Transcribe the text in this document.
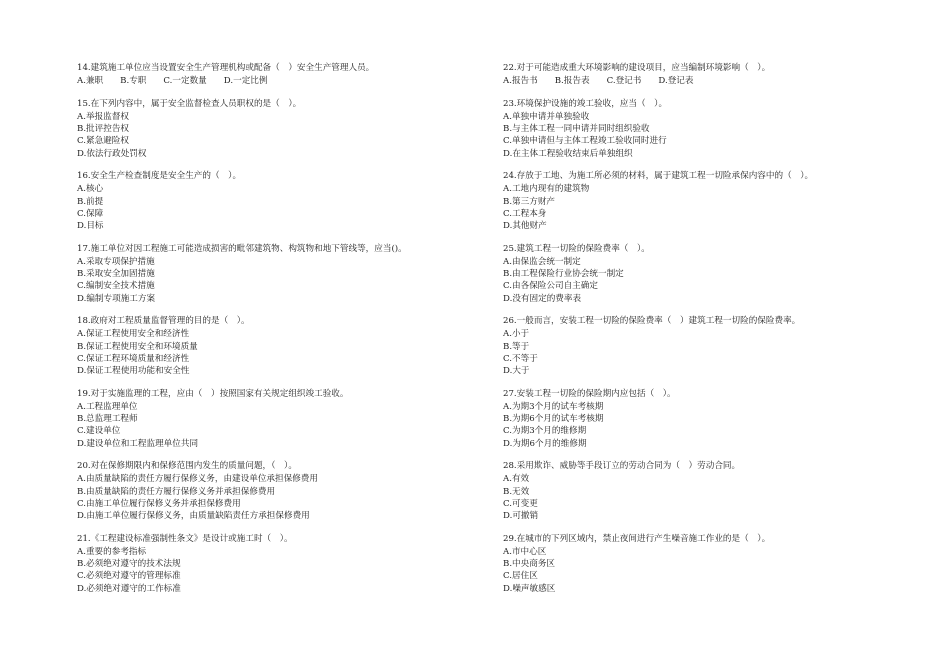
14.建筑施工单位应当设置安全生产管理机构或配备（　）安全生产管理人员。
A.兼职 B.专职 C.一定数量 D.一定比例
15.在下列内容中，属于安全监督检查人员职权的是（　）。
A.举报监督权
B.批评控告权
C.紧急避险权
D.依法行政处罚权
16.安全生产检查制度是安全生产的（　）。
A.核心
B.前提
C.保障
D.目标
17.施工单位对因工程施工可能造成损害的毗邻建筑物、构筑物和地下管线等，应当()。
A.采取专项保护措施
B.采取安全加固措施
C.编制安全技术措施
D.编制专项施工方案
18.政府对工程质量监督管理的目的是（　）。
A.保证工程使用安全和经济性
B.保证工程使用安全和环境质量
C.保证工程环境质量和经济性
D.保证工程使用功能和安全性
19.对于实施监理的工程，应由（　）按照国家有关规定组织竣工验收。
A.工程监理单位
B.总监理工程师
C.建设单位
D.建设单位和工程监理单位共同
20.对在保修期限内和保修范围内发生的质量问题，（　）。
A.由质量缺陷的责任方履行保修义务，由建设单位承担保修费用
B.由质量缺陷的责任方履行保修义务并承担保修费用
C.由施工单位履行保修义务并承担保修费用
D.由施工单位履行保修义务，由质量缺陷责任方承担保修费用
21.《工程建设标准强制性条文》是设计或施工时（　）。
A.重要的参考指标
B.必须绝对遵守的技术法规
C.必须绝对遵守的管理标准
D.必须绝对遵守的工作标准
22.对于可能造成重大环境影响的建设项目，应当编制环境影响（　）。
A.报告书 B.报告表 C.登记书 D.登记表
23.环境保护设施的竣工验收，应当（　）。
A.单独申请并单独验收
B.与主体工程一同申请并同时组织验收
C.单独申请但与主体工程竣工验收同时进行
D.在主体工程验收结束后单独组织
24.存放于工地、为施工所必须的材料，属于建筑工程一切险承保内容中的（　）。
A.工地内现有的建筑物
B.第三方财产
C.工程本身
D.其他财产
25.建筑工程一切险的保险费率（　）。
A.由保监会统一制定
B.由工程保险行业协会统一制定
C.由各保险公司自主确定
D.没有固定的费率表
26.一般而言，安装工程一切险的保险费率（　）建筑工程一切险的保险费率。
A.小于
B.等于
C.不等于
D.大于
27.安装工程一切险的保险期内应包括（　）。
A.为期3个月的试车考核期
B.为期6个月的试车考核期
C.为期3个月的维修期
D.为期6个月的维修期
28.采用欺诈、威胁等手段订立的劳动合同为（　）劳动合同。
A.有效
B.无效
C.可变更
D.可撤销
29.在城市的下列区域内，禁止夜间进行产生噪音施工作业的是（　）。
A.市中心区
B.中央商务区
C.居住区
D.噪声敏感区
